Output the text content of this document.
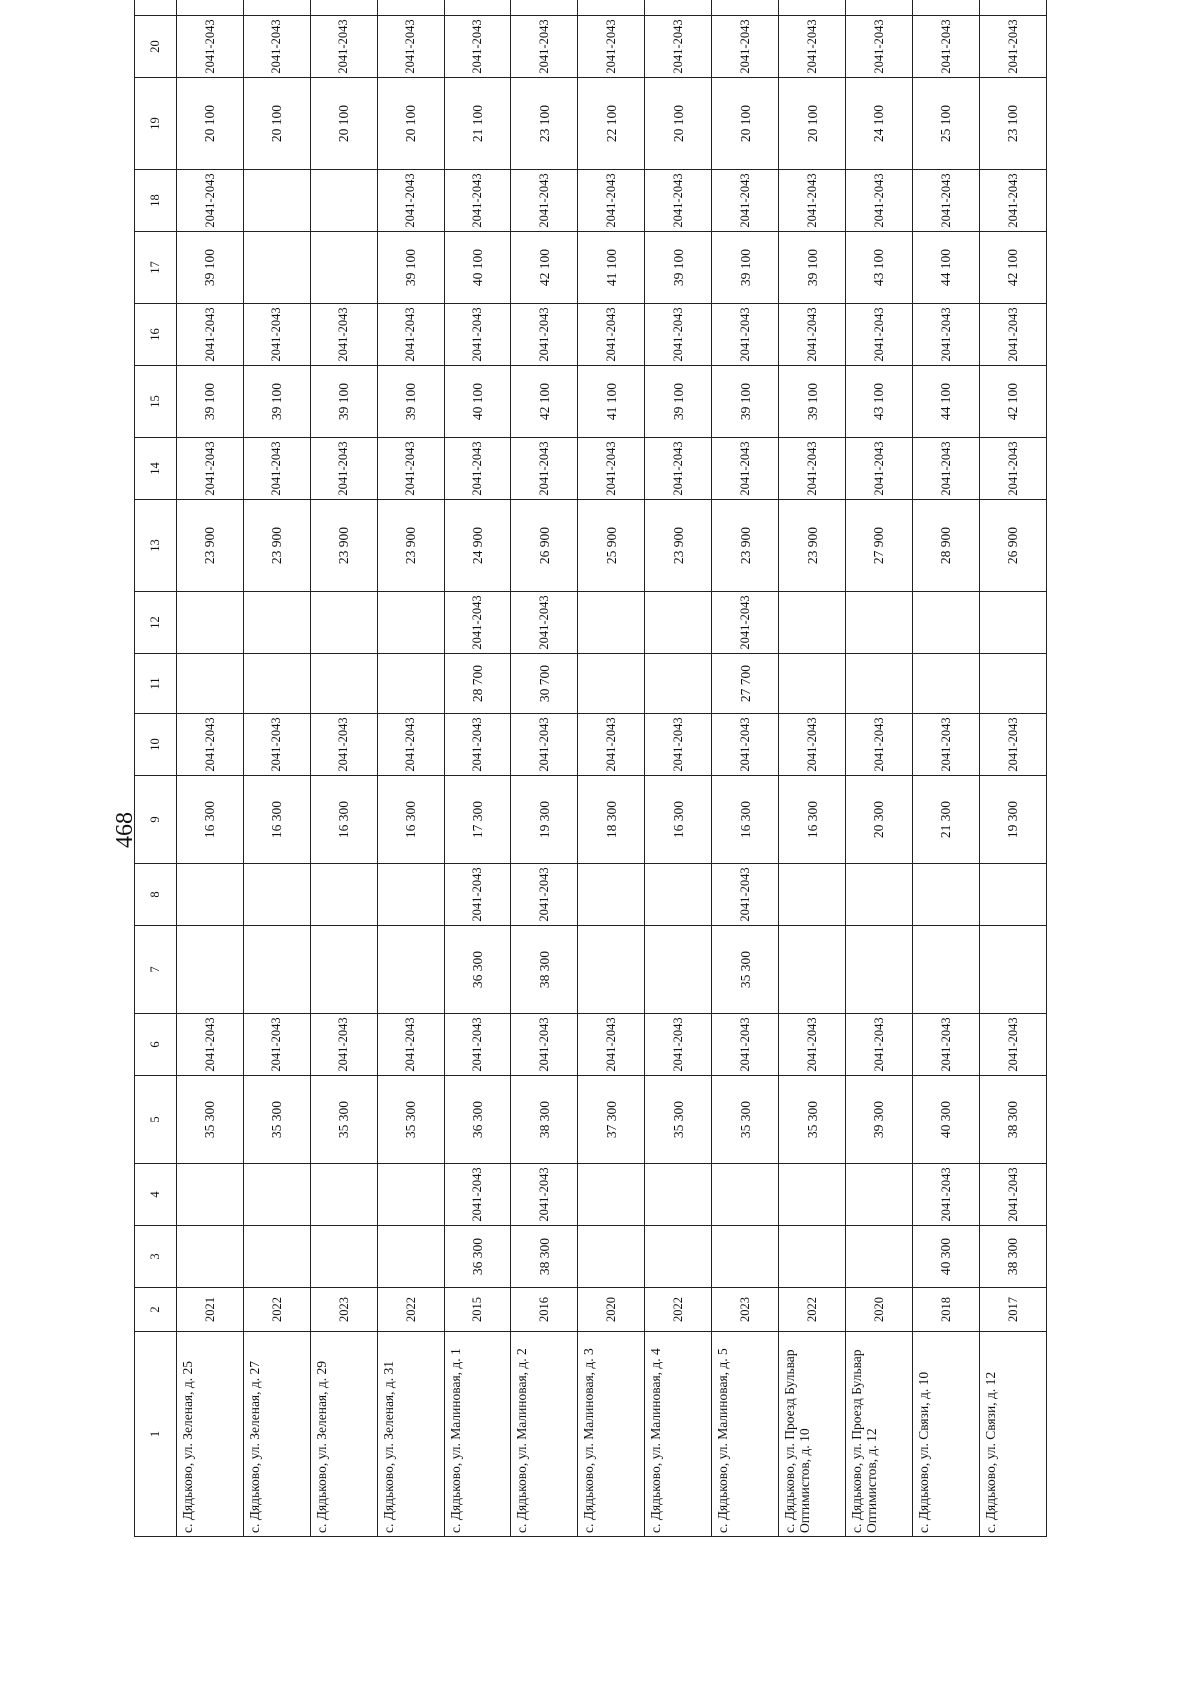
468
1	2	3	4	5	6	7	8	9	10	11	12	13	14	15	16	17	18	19	20				
с. Дядьково, ул. Зеленая, д. 25	2021			35 300	2041-2043			16 300	2041-2043			23 900	2041-2043	39 100	2041-2043	39 100	2041-2043	20 100	2041-2043				
с. Дядьково, ул. Зеленая, д. 27	2022			35 300	2041-2043			16 300	2041-2043			23 900	2041-2043	39 100	2041-2043			20 100	2041-2043				
с. Дядьково, ул. Зеленая, д. 29	2023			35 300	2041-2043			16 300	2041-2043			23 900	2041-2043	39 100	2041-2043			20 100	2041-2043				
с. Дядьково, ул. Зеленая, д. 31	2022			35 300	2041-2043			16 300	2041-2043			23 900	2041-2043	39 100	2041-2043	39 100	2041-2043	20 100	2041-2043				
с. Дядьково, ул. Малиновая, д. 1	2015	36 300	2041-2043	36 300	2041-2043	36 300	2041-2043	17 300	2041-2043	28 700	2041-2043	24 900	2041-2043	40 100	2041-2043	40 100	2041-2043	21 100	2041-2043				
с. Дядьково, ул. Малиновая, д. 2	2016	38 300	2041-2043	38 300	2041-2043	38 300	2041-2043	19 300	2041-2043	30 700	2041-2043	26 900	2041-2043	42 100	2041-2043	42 100	2041-2043	23 100	2041-2043				
с. Дядьково, ул. Малиновая, д. 3	2020			37 300	2041-2043			18 300	2041-2043			25 900	2041-2043	41 100	2041-2043	41 100	2041-2043	22 100	2041-2043				
с. Дядьково, ул. Малиновая, д. 4	2022			35 300	2041-2043			16 300	2041-2043			23 900	2041-2043	39 100	2041-2043	39 100	2041-2043	20 100	2041-2043				
с. Дядьково, ул. Малиновая, д. 5	2023			35 300	2041-2043	35 300	2041-2043	16 300	2041-2043	27 700	2041-2043	23 900	2041-2043	39 100	2041-2043	39 100	2041-2043	20 100	2041-2043				
с. Дядьково, ул. Проезд Бульвар Оптимистов, д. 10	2022			35 300	2041-2043			16 300	2041-2043			23 900	2041-2043	39 100	2041-2043	39 100	2041-2043	20 100	2041-2043				
с. Дядьково, ул. Проезд Бульвар Оптимистов, д. 12	2020			39 300	2041-2043			20 300	2041-2043			27 900	2041-2043	43 100	2041-2043	43 100	2041-2043	24 100	2041-2043				
с. Дядьково, ул. Связи, д. 10	2018	40 300	2041-2043	40 300	2041-2043			21 300	2041-2043			28 900	2041-2043	44 100	2041-2043	44 100	2041-2043	25 100	2041-2043				
с. Дядьково, ул. Связи, д. 12	2017	38 300	2041-2043	38 300	2041-2043			19 300	2041-2043			26 900	2041-2043	42 100	2041-2043	42 100	2041-2043	23 100	2041-2043				
